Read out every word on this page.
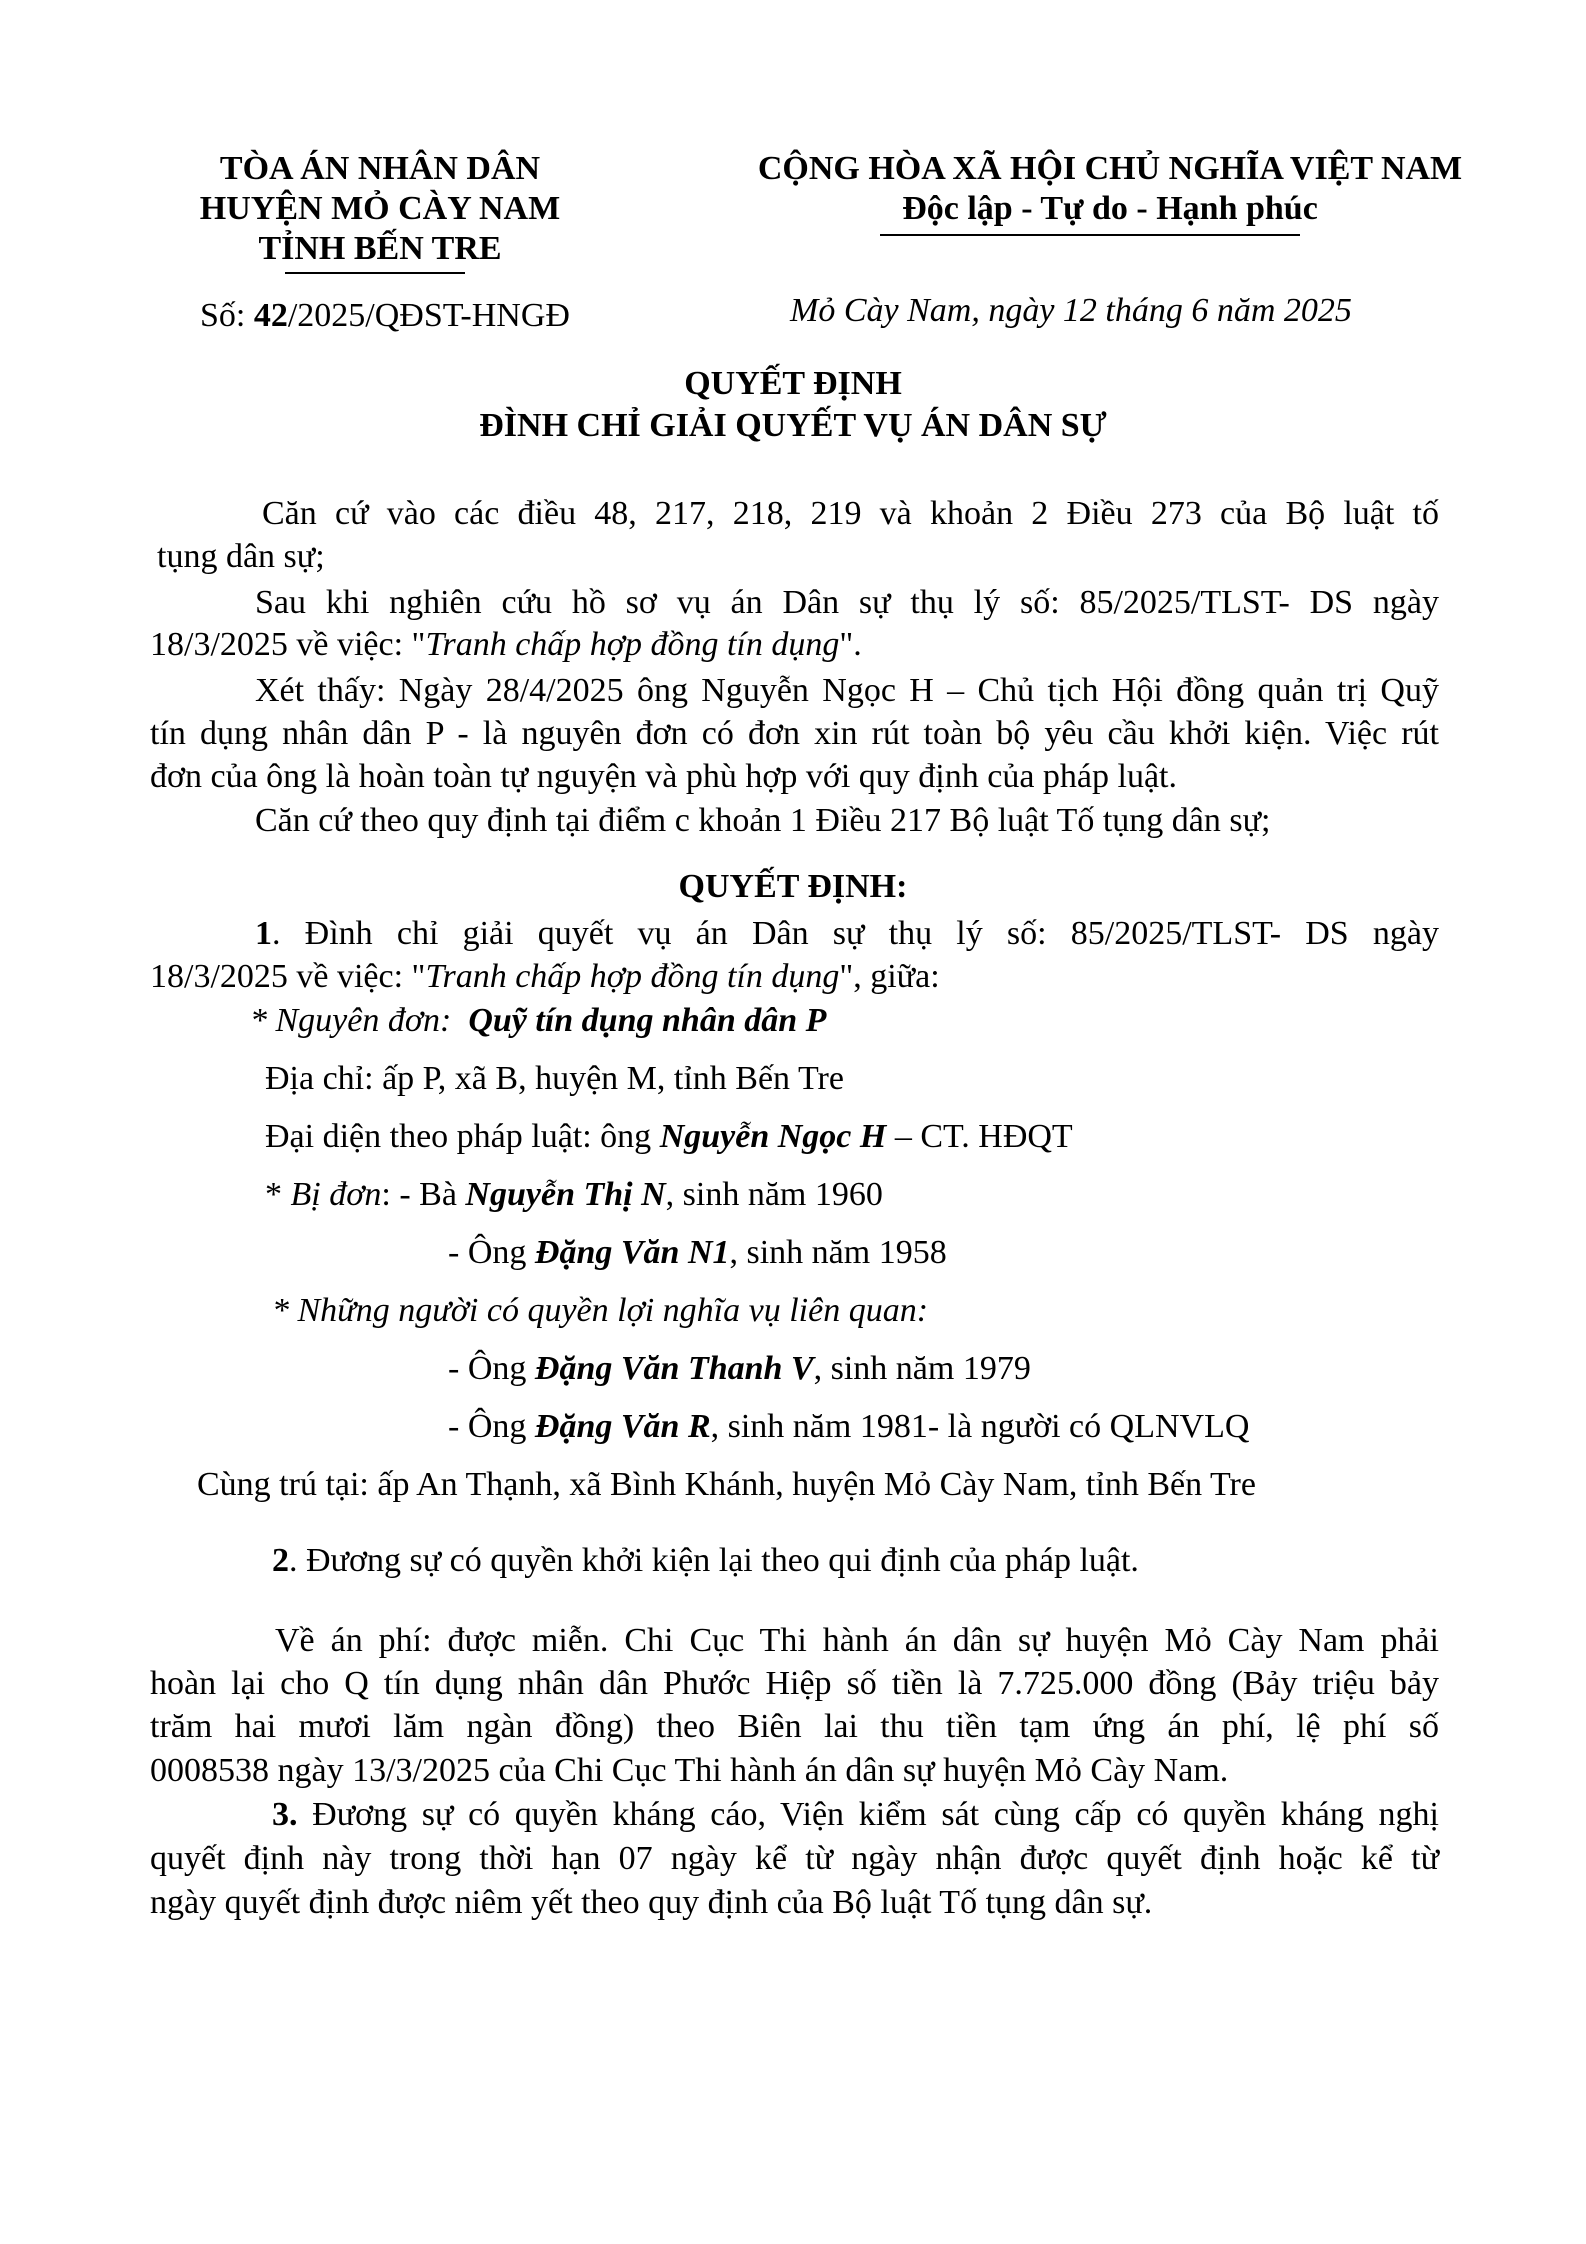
TÒA ÁN NHÂN DÂN
HUYỆN MỎ CÀY NAM
TỈNH BẾN TRE
Số: 42/2025/QĐST-HNGĐ
CỘNG HÒA XÃ HỘI CHỦ NGHĨA VIỆT NAM
Độc lập - Tự do - Hạnh phúc
Mỏ Cày Nam, ngày 12 tháng 6 năm 2025
QUYẾT ĐỊNH
ĐÌNH CHỈ GIẢI QUYẾT VỤ ÁN DÂN SỰ
Căn cứ vào các điều 48, 217, 218, 219 và khoản 2 Điều 273 của Bộ luật tố
tụng dân sự;
Sau khi nghiên cứu hồ sơ vụ án Dân sự thụ lý số: 85/2025/TLST- DS ngày
18/3/2025 về việc: "Tranh chấp hợp đồng tín dụng".
Xét thấy: Ngày 28/4/2025 ông Nguyễn Ngọc H – Chủ tịch Hội đồng quản trị Quỹ
tín dụng nhân dân P - là nguyên đơn có đơn xin rút toàn bộ yêu cầu khởi kiện. Việc rút
đơn của ông là hoàn toàn tự nguyện và phù hợp với quy định của pháp luật.
Căn cứ theo quy định tại điểm c khoản 1 Điều 217 Bộ luật Tố tụng dân sự;
QUYẾT ĐỊNH:
1. Đình chỉ giải quyết vụ án Dân sự thụ lý số: 85/2025/TLST- DS ngày
18/3/2025 về việc: "Tranh chấp hợp đồng tín dụng", giữa:
* Nguyên đơn: Quỹ tín dụng nhân dân P
Địa chỉ: ấp P, xã B, huyện M, tỉnh Bến Tre
Đại diện theo pháp luật: ông Nguyễn Ngọc H – CT. HĐQT
* Bị đơn: - Bà Nguyễn Thị N, sinh năm 1960
- Ông Đặng Văn N1, sinh năm 1958
* Những người có quyền lợi nghĩa vụ liên quan:
- Ông Đặng Văn Thanh V, sinh năm 1979
- Ông Đặng Văn R, sinh năm 1981- là người có QLNVLQ
Cùng trú tại: ấp An Thạnh, xã Bình Khánh, huyện Mỏ Cày Nam, tỉnh Bến Tre
2. Đương sự có quyền khởi kiện lại theo qui định của pháp luật.
Về án phí: được miễn. Chi Cục Thi hành án dân sự huyện Mỏ Cày Nam phải
hoàn lại cho Q tín dụng nhân dân Phước Hiệp số tiền là 7.725.000 đồng (Bảy triệu bảy
trăm hai mươi lăm ngàn đồng) theo Biên lai thu tiền tạm ứng án phí, lệ phí số
0008538 ngày 13/3/2025 của Chi Cục Thi hành án dân sự huyện Mỏ Cày Nam.
3. Đương sự có quyền kháng cáo, Viện kiểm sát cùng cấp có quyền kháng nghị
quyết định này trong thời hạn 07 ngày kể từ ngày nhận được quyết định hoặc kể từ
ngày quyết định được niêm yết theo quy định của Bộ luật Tố tụng dân sự.
